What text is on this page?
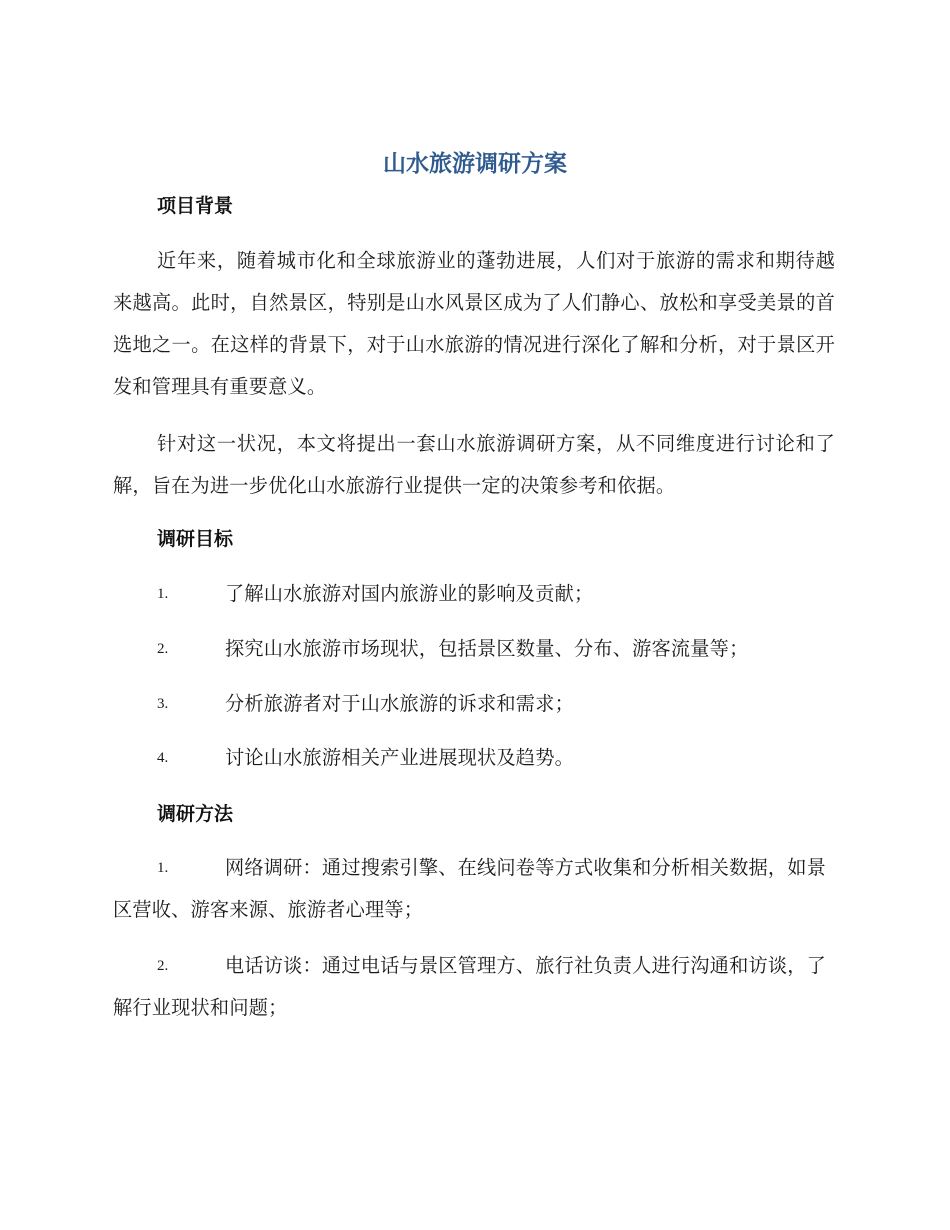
山水旅游调研方案
项目背景

近年来，随着城市化和全球旅游业的蓬勃进展，人们对于旅游的需求和期待越来越高。此时，自然景区，特别是山水风景区成为了人们静心、放松和享受美景的首选地之一。在这样的背景下，对于山水旅游的情况进行深化了解和分析，对于景区开发和管理具有重要意义。

针对这一状况，本文将提出一套山水旅游调研方案，从不同维度进行讨论和了解，旨在为进一步优化山水旅游行业提供一定的决策参考和依据。

调研目标
1.	了解山水旅游对国内旅游业的影响及贡献；
2.	探究山水旅游市场现状，包括景区数量、分布、游客流量等；
3.	分析旅游者对于山水旅游的诉求和需求；
4.	讨论山水旅游相关产业进展现状及趋势。
调研方法
1.	网络调研：通过搜索引擎、在线问卷等方式收集和分析相关数据，如景区营收、游客来源、旅游者心理等；
2.	电话访谈：通过电话与景区管理方、旅行社负责人进行沟通和访谈，了解行业现状和问题；
